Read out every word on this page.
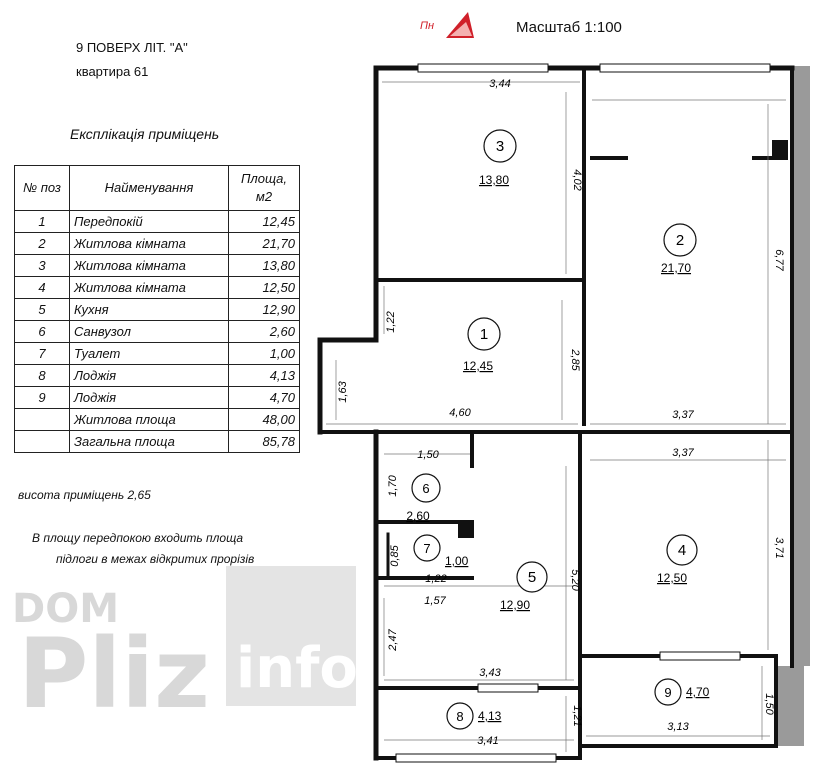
9 ПОВЕРХ ЛІТ. "А"
квартира 61
Пн	Масштаб 1:100
Експлікація приміщень
№ поз	Найменування	Площа, м2
1	Передпокій	12,45
2	Житлова кімната	21,70
3	Житлова кімната	13,80
4	Житлова кімната	12,50
5	Кухня	12,90
6	Санвузол	2,60
7	Туалет	1,00
8	Лоджія	4,13
9	Лоджія	4,70
	Житлова площа	48,00
	Загальна площа	85,78
висота приміщень 2,65
В площу передпокою входить площа
підлоги в межах відкритих прорізів
DOM
Pliz info
3
13,80
2
21,70
1
12,45
6
2,60
7
1,00
5
12,90
4
12,50
8 4,13
9 4,70
3,44
4,02
6,77
1,22
4,60
1,63
2,85
3,37
3,37
3,71
1,50
1,70
0,85
1,22
1,57
5,20
2,47
3,43
1,21
3,41
1,50
3,13
